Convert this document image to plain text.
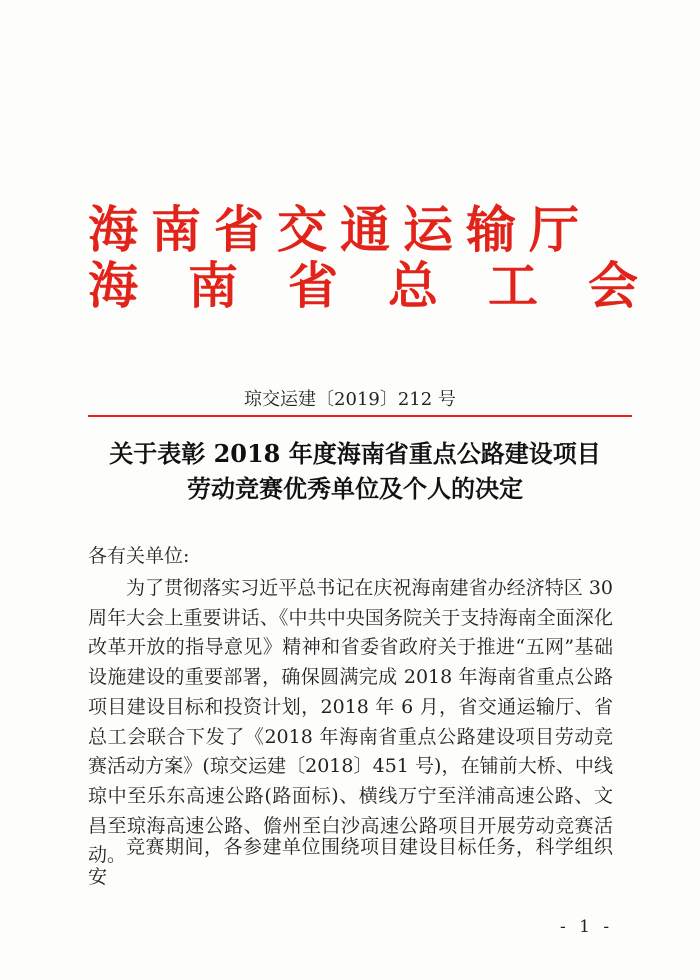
海南省交通运输厅
海南省总工会
琼交运建〔2019〕212 号
关于表彰 2018 年度海南省重点公路建设项目
劳动竞赛优秀单位及个人的决定
各有关单位:

为了贯彻落实习近平总书记在庆祝海南建省办经济特区 30 周年大会上重要讲话、《中共中央国务院关于支持海南全面深化改革开放的指导意见》精神和省委省政府关于推进“五网”基础设施建设的重要部署，确保圆满完成 2018 年海南省重点公路项目建设目标和投资计划，2018 年 6 月，省交通运输厅、省总工会联合下发了《2018 年海南省重点公路建设项目劳动竞赛活动方案》(琼交运建〔2018〕451 号)，在铺前大桥、中线琼中至乐东高速公路(路面标)、横线万宁至洋浦高速公路、文昌至琼海高速公路、儋州至白沙高速公路项目开展劳动竞赛活动。 竞赛期间，各参建单位围绕项目建设目标任务，科学组织安

- 1 -
